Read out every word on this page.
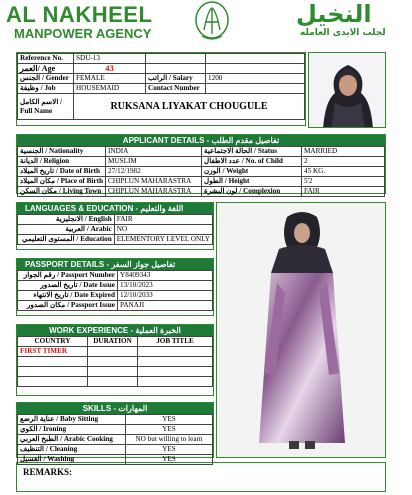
AL NAKHEEL
MANPOWER AGENCY
النخيل
لجلب الايدى العامله
Reference No.	SDU-13		
العمر/ Age	43		
الجنس / Gender	FEMALE	الراتب / Salary	1200
وظيفة / Job	HOUSEMAID	Contact Number	

الاسم الكامل /
Full Name	RUKSANA LIYAKAT CHOUGULE		
APPLICANT DETAILS - تفاصيل مقدم الطلب
الجنسية / Nationality	INDIA	الحالة الاجتماعية / Status	MARRIED
الديانة / Religion	MUSLIM	عدد الاطفال / No. of Child	2
تاريخ الميلاد / Date of Birth	27/12/1982	الوزن / Weight	45 KG.
مكان الميلاد / Place of Birth	CHIPLUN MAHARASTRA	الطول / Height	5'2
مكان السكن / Living Town	CHIPLUN MAHARASTRA	لون البشرة / Complexion	FAIR
LANGUAGES & EDUCATION - اللغة والتعليم
الانجليزية / English	FAIR
العربية / Arabic	NO
المستوى التعليمي / Education	ELEMENTORY LEVEL ONLY
PASSPORT DETAILS - تفاصيل جواز السفر
رقم الجواز / Passport Number	Y8409343
تاريخ الصدور / Date Issue	13/10/2023
تاريخ الانتهاء / Date Expired	12/10/2033
مكان الصدور / Passport Issue	PANAJI
WORK EXPERIENCE - الخبرة العملية
COUNTRY	DURATION	JOB TITLE
FIRST TIMER		

SKILLS - المهارات
عناية الرضع / Baby Sitting	YES
الكوي / Ironing	YES
الطبخ العربي / Arabic Cooking	NO but willing to learn
التنظيف / Cleaning	YES
الغسيل / Washing	YES
REMARKS:
